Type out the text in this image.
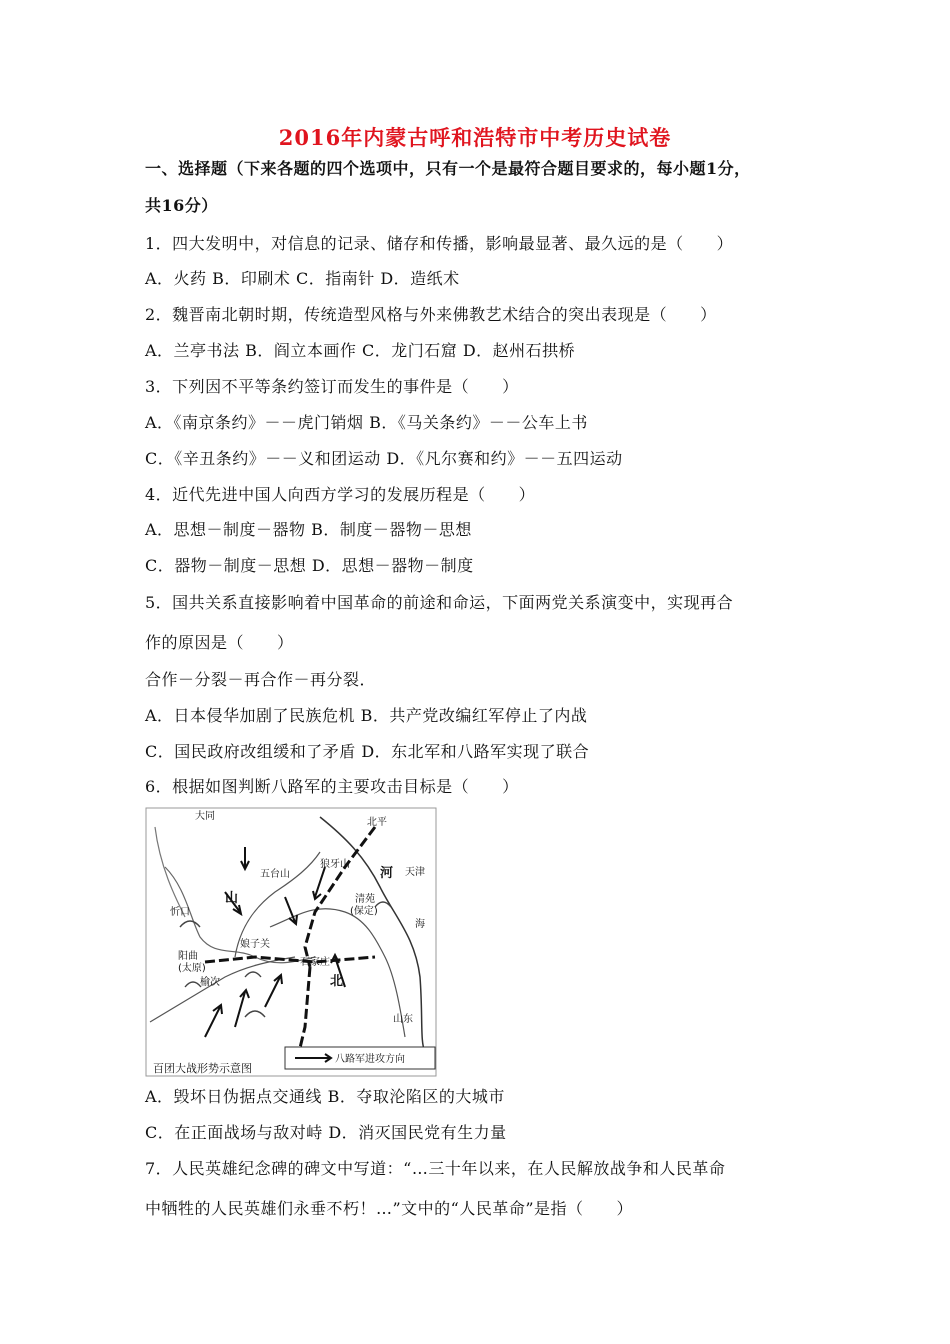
2016年内蒙古呼和浩特市中考历史试卷
一、选择题（下来各题的四个选项中，只有一个是最符合题目要求的，每小题1分，
共16分）
1．四大发明中，对信息的记录、储存和传播，影响最显著、最久远的是（　　）
A．火药 B．印刷术 C．指南针 D．造纸术
2．魏晋南北朝时期，传统造型风格与外来佛教艺术结合的突出表现是（　　）
A．兰亭书法 B．阎立本画作 C．龙门石窟 D．赵州石拱桥
3．下列因不平等条约签订而发生的事件是（　　）
A．《南京条约》－－虎门销烟 B．《马关条约》－－公车上书
C．《辛丑条约》－－义和团运动 D．《凡尔赛和约》－－五四运动
4．近代先进中国人向西方学习的发展历程是（　　）
A．思想－制度－器物 B．制度－器物－思想
C．器物－制度－思想 D．思想－器物－制度
5．国共关系直接影响着中国革命的前途和命运，下面两党关系演变中，实现再合
作的原因是（　　）
合作－分裂－再合作－再分裂．
A．日本侵华加剧了民族危机 B．共产党改编红军停止了内战
C．国民政府改组缓和了矛盾 D．东北军和八路军实现了联合
6．根据如图判断八路军的主要攻击目标是（　　）
大同
北平
天津
五台山
狼牙山
清苑
(保定)
山
河
忻口
娘子关
石家庄
阳曲
(太原)
榆次	北
山东
海
八路军进攻方向
百团大战形势示意图
A．毁坏日伪据点交通线 B．夺取沦陷区的大城市
C．在正面战场与敌对峙 D．消灭国民党有生力量
7．人民英雄纪念碑的碑文中写道：“…三十年以来，在人民解放战争和人民革命
中牺牲的人民英雄们永垂不朽！…”文中的“人民革命”是指（　　）
